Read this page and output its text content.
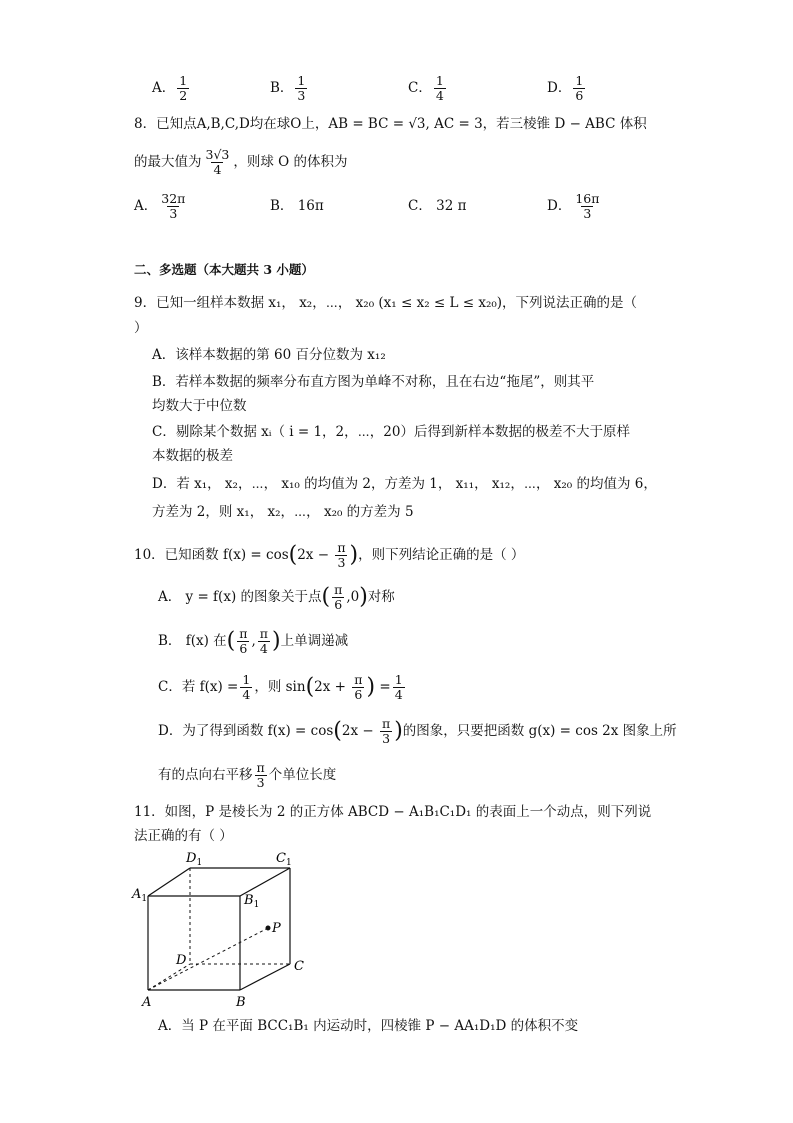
A． $\frac{1}{2}$	B． $\frac{1}{3}$	C． $\frac{1}{4}$	D． $\frac{1}{6}$
8．已知点A,B,C,D均在球O上，AB = BC = √3, AC = 3，若三棱锥 D − ABC 体积
的最大值为 $\frac{3√3}{4}$ ，则球 O 的体积为
A． $\frac{32\pi}{3}$	B． 16π	C． 32 π	D． $\frac{16\pi}{3}$
二、多选题（本大题共 3 小题）
9．已知一组样本数据 x₁， x₂，⋯， x₂₀ (x₁ ≤ x₂ ≤ L ≤ x₂₀)，下列说法正确的是（
）
A．该样本数据的第 60 百分位数为 x₁₂
B．若样本数据的频率分布直方图为单峰不对称，且在右边“拖尾”，则其平
均数大于中位数
C．剔除某个数据 xᵢ（ i = 1，2，⋯，20）后得到新样本数据的极差不大于原样
本数据的极差
D．若 x₁， x₂，⋯， x₁₀ 的均值为 2，方差为 1， x₁₁， x₁₂，⋯， x₂₀ 的均值为 6，
方差为 2，则 x₁， x₂，⋯， x₂₀ 的方差为 5
10．已知函数 $f(x) = \cos(2x - \frac{\pi}{3}$ )，则下列结论正确的是（ ）
A． y = f(x) 的图象关于点( $\frac{\pi}{6} ,0$)对称
B． f(x) 在( $\frac{\pi}{6}$ , $\frac{\pi}{4}$ )上单调递减
C．若 $f(x) = \frac{1}{4}$ ，则 $\sin(2x + \frac{\pi}{6}$ ) = $\frac{1}{4}$
D．为了得到函数 $f(x) = \cos(2x - \frac{\pi}{3}$ )的图象，只要把函数 g(x) = cos 2x 图象上所
有的点向右平移 $\frac{\pi}{3}$ 个单位长度
11．如图，P 是棱长为 2 的正方体 ABCD − A₁B₁C₁D₁ 的表面上一个动点，则下列说
法正确的有（ ）
$D_1$	$C_1$
$A_1$	$B_1$
P
D	C
A	B
A．当 P 在平面 BCC₁B₁ 内运动时，四棱锥 P − AA₁D₁D 的体积不变
